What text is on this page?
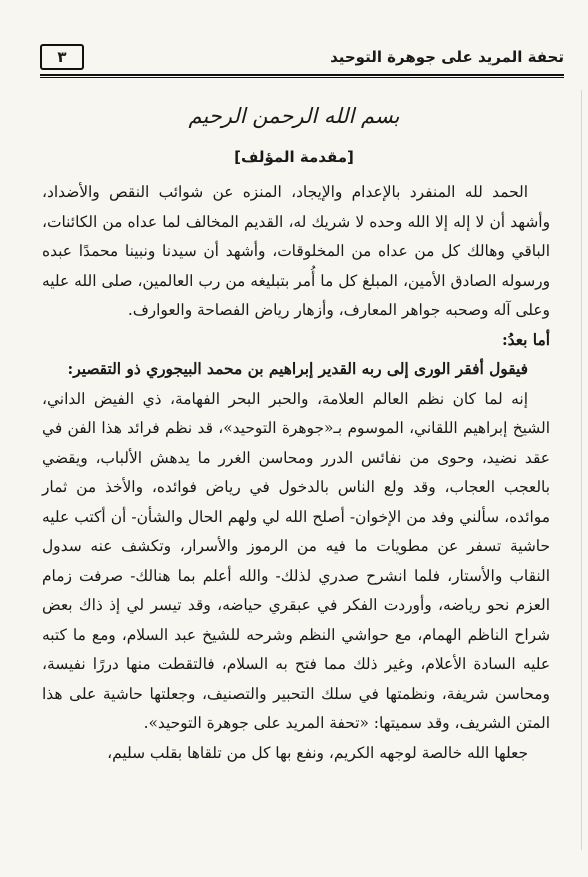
تحفة المريد على جوهرة التوحيد
٣
بسم الله الرحمن الرحيم
[مقدمة المؤلف]

الحمد لله المنفرد بالإعدام والإيجاد، المنزه عن شوائب النقص والأضداد، وأشهد أن لا إله إلا الله وحده لا شريك له، القديم المخالف لما عداه من الكائنات، الباقي وهالك كل من عداه من المخلوقات، وأشهد أن سيدنا ونبينا محمدًا عبده ورسوله الصادق الأمين، المبلغ كل ما أُمر بتبليغه من رب العالمين، صلى الله عليه وعلى آله وصحبه جواهر المعارف، وأزهار رياض الفصاحة والعوارف.

أما بعدُ:

فيقول أفقر الورى إلى ربه القدير إبراهيم بن محمد البيجوري ذو التقصير:

إنه لما كان نظم العالم العلامة، والحبر البحر الفهامة، ذي الفيض الداني، الشيخ إبراهيم اللقاني، الموسوم بـ«جوهرة التوحيد»، قد نظم فرائد هذا الفن في عقد نضيد، وحوى من نفائس الدرر ومحاسن الغرر ما يدهش الألباب، ويقضي بالعجب العجاب، وقد ولع الناس بالدخول في رياض فوائده، والأخذ من ثمار موائده، سألني وفد من الإخوان- أصلح الله لي ولهم الحال والشأن- أن أكتب عليه حاشية تسفر عن مطويات ما فيه من الرموز والأسرار، وتكشف عنه سدول النقاب والأستار، فلما انشرح صدري لذلك- والله أعلم بما هنالك- صرفت زمام العزم نحو رياضه، وأوردت الفكر في عبقري حياضه، وقد تيسر لي إذ ذاك بعض شراح الناظم الهمام، مع حواشي النظم وشرحه للشيخ عبد السلام، ومع ما كتبه عليه السادة الأعلام، وغير ذلك مما فتح به السلام، فالتقطت منها دررًا نفيسة، ومحاسن شريفة، ونظمتها في سلك التحبير والتصنيف، وجعلتها حاشية على هذا المتن الشريف، وقد سميتها: «تحفة المريد على جوهرة التوحيد».

جعلها الله خالصة لوجهه الكريم، ونفع بها كل من تلقاها بقلب سليم،
